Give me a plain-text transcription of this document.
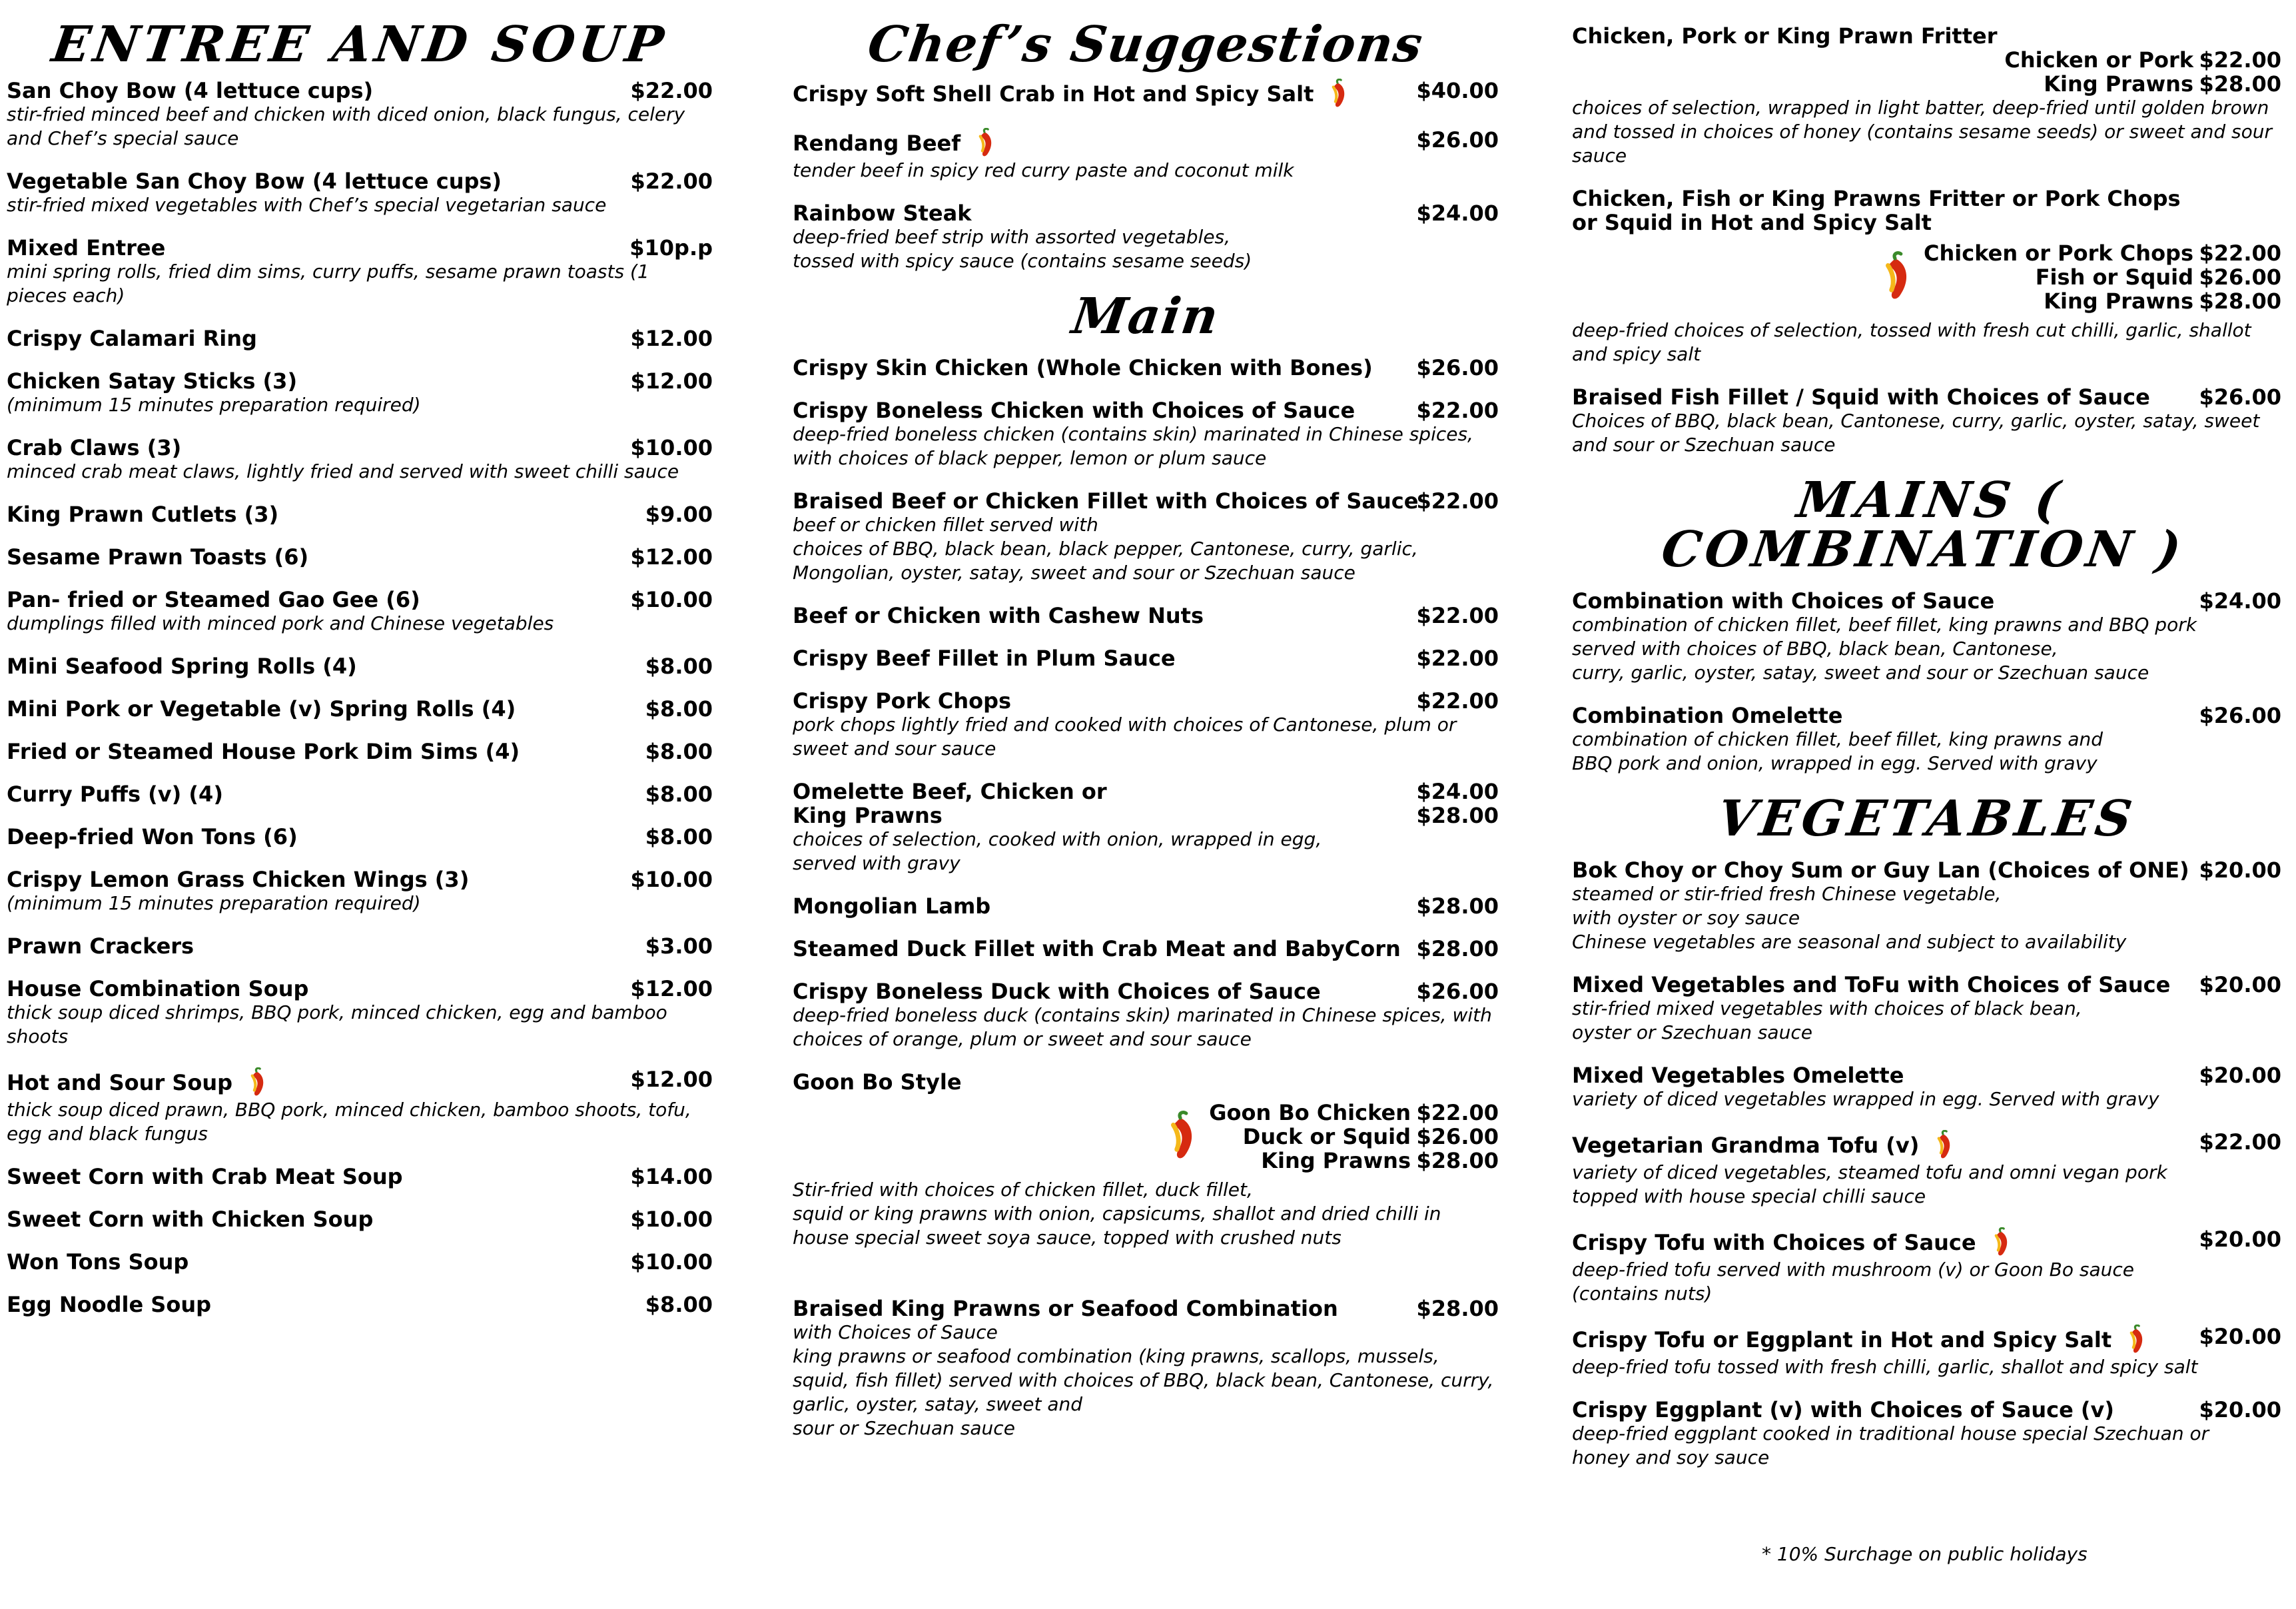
ENTREE AND SOUP
San Choy Bow (4 lettuce cups)	$22.00
stir-fried minced beef and chicken with diced onion, black fungus, celery and Chef’s special sauce
Vegetable San Choy Bow (4 lettuce cups)	$22.00
stir-fried mixed vegetables with Chef’s special vegetarian sauce
Mixed Entree	$10p.p
mini spring rolls, fried dim sims, curry puffs, sesame prawn toasts (1 pieces each)
Crispy Calamari Ring	$12.00
Chicken Satay Sticks (3)	$12.00
(minimum 15 minutes preparation required)
Crab Claws (3)	$10.00
minced crab meat claws, lightly fried and served with sweet chilli sauce
King Prawn Cutlets (3)	$9.00
Sesame Prawn Toasts (6)	$12.00
Pan- fried or Steamed Gao Gee (6)	$10.00
dumplings filled with minced pork and Chinese vegetables
Mini Seafood Spring Rolls (4)	$8.00
Mini Pork or Vegetable (v) Spring Rolls (4)	$8.00
Fried or Steamed House Pork Dim Sims (4)	$8.00
Curry Puffs (v) (4)	$8.00
Deep-fried Won Tons (6)	$8.00
Crispy Lemon Grass Chicken Wings (3)	$10.00
(minimum 15 minutes preparation required)
Prawn Crackers	$3.00
House Combination Soup	$12.00
thick soup diced shrimps, BBQ pork, minced chicken, egg and bamboo shoots
Hot and Sour Soup	$12.00
thick soup diced prawn, BBQ pork, minced chicken, bamboo shoots, tofu, egg and black fungus
Sweet Corn with Crab Meat Soup	$14.00
Sweet Corn with Chicken Soup	$10.00
Won Tons Soup	$10.00
Egg Noodle Soup	$8.00
Chef’s Suggestions
Crispy Soft Shell Crab in Hot and Spicy Salt	$40.00
Rendang Beef	$26.00
tender beef in spicy red curry paste and coconut milk
Rainbow Steak	$24.00
deep-fried beef strip with assorted vegetables,
tossed with spicy sauce (contains sesame seeds)
Main
Crispy Skin Chicken (Whole Chicken with Bones) $26.00
Crispy Boneless Chicken with Choices of Sauce	$22.00
deep-fried boneless chicken (contains skin) marinated in Chinese spices, with choices of black pepper, lemon or plum sauce
Braised Beef or Chicken Fillet with Choices of Sauce
$22.00
beef or chicken fillet served with
choices of BBQ, black bean, black pepper, Cantonese, curry, garlic, Mongolian, oyster, satay, sweet and sour or Szechuan sauce
Beef or Chicken with Cashew Nuts	$22.00
Crispy Beef Fillet in Plum Sauce	$22.00
Crispy Pork Chops	$22.00
pork chops lightly fried and cooked with choices of Cantonese, plum or sweet and sour sauce
Omelette Beef, Chicken or	$24.00
King Prawns	$28.00
choices of selection, cooked with onion, wrapped in egg,
served with gravy
Mongolian Lamb	$28.00
Steamed Duck Fillet with Crab Meat and BabyCorn $28.00
Crispy Boneless Duck with Choices of Sauce	$26.00
deep-fried boneless duck (contains skin) marinated in Chinese spices, with choices of orange, plum or sweet and sour sauce
Goon Bo Style
Goon Bo Chicken $22.00
Duck or Squid $26.00
King Prawns $28.00
Stir-fried with choices of chicken fillet, duck fillet,
squid or king prawns with onion, capsicums, shallot and dried chilli in house special sweet soya sauce, topped with crushed nuts
Braised King Prawns or Seafood Combination	$28.00
with Choices of Sauce
king prawns or seafood combination (king prawns, scallops, mussels, squid, fish fillet) served with choices of BBQ, black bean, Cantonese, curry, garlic, oyster, satay, sweet and
sour or Szechuan sauce
Chicken, Pork or King Prawn Fritter
Chicken or Pork $22.00
King Prawns $28.00
choices of selection, wrapped in light batter, deep-fried until golden brown and tossed in choices of honey (contains sesame seeds) or sweet and sour sauce
Chicken, Fish or King Prawns Fritter or Pork Chops
or Squid in Hot and Spicy Salt
Chicken or Pork Chops $22.00
Fish or Squid $26.00
King Prawns $28.00
deep-fried choices of selection, tossed with fresh cut chilli, garlic, shallot and spicy salt
Braised Fish Fillet / Squid with Choices of Sauce	$26.00
Choices of BBQ, black bean, Cantonese, curry, garlic, oyster, satay, sweet and sour or Szechuan sauce
MAINS ( COMBINATION )
Combination with Choices of Sauce	$24.00
combination of chicken fillet, beef fillet, king prawns and BBQ pork
served with choices of BBQ, black bean, Cantonese,
curry, garlic, oyster, satay, sweet and sour or Szechuan sauce
Combination Omelette	$26.00
combination of chicken fillet, beef fillet, king prawns and
BBQ pork and onion, wrapped in egg. Served with gravy
VEGETABLES
Bok Choy or Choy Sum or Guy Lan (Choices of ONE) $20.00
steamed or stir-fried fresh Chinese vegetable,
with oyster or soy sauce
Chinese vegetables are seasonal and subject to availability
Mixed Vegetables and ToFu with Choices of Sauce $20.00
stir-fried mixed vegetables with choices of black bean,
oyster or Szechuan sauce
Mixed Vegetables Omelette	$20.00
variety of diced vegetables wrapped in egg. Served with gravy
Vegetarian Grandma Tofu (v)	$22.00
variety of diced vegetables, steamed tofu and omni vegan pork
topped with house special chilli sauce
Crispy Tofu with Choices of Sauce	$20.00
deep-fried tofu served with mushroom (v) or Goon Bo sauce
(contains nuts)
Crispy Tofu or Eggplant in Hot and Spicy Salt	$20.00
deep-fried tofu tossed with fresh chilli, garlic, shallot and spicy salt
Crispy Eggplant (v) with Choices of Sauce (v)	$20.00
deep-fried eggplant cooked in traditional house special Szechuan or
honey and soy sauce
* 10% Surchage on public holidays
